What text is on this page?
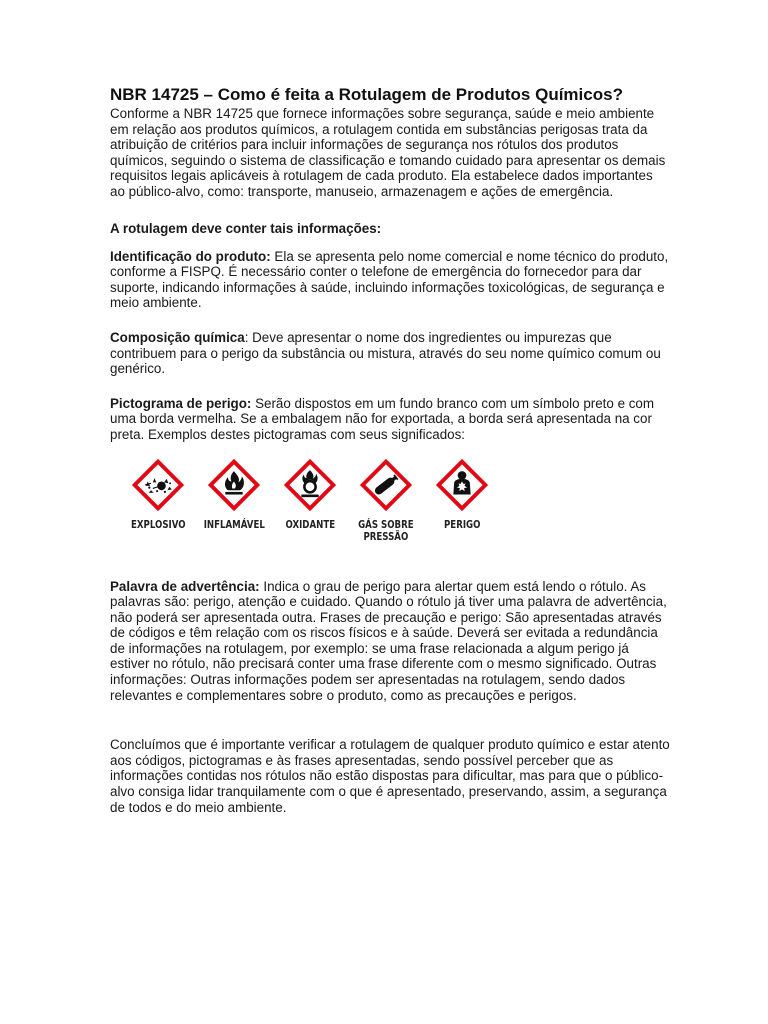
NBR 14725 – Como é feita a Rotulagem de Produtos Químicos?

Conforme a NBR 14725 que fornece informações sobre segurança, saúde e meio ambiente em relação aos produtos químicos, a rotulagem contida em substâncias perigosas trata da atribuição de critérios para incluir informações de segurança nos rótulos dos produtos químicos, seguindo o sistema de classificação e tomando cuidado para apresentar os demais requisitos legais aplicáveis à rotulagem de cada produto. Ela estabelece dados importantes ao público-alvo, como: transporte, manuseio, armazenagem e ações de emergência.

A rotulagem deve conter tais informações:

Identificação do produto: Ela se apresenta pelo nome comercial e nome técnico do produto, conforme a FISPQ. É necessário conter o telefone de emergência do fornecedor para dar suporte, indicando informações à saúde, incluindo informações toxicológicas, de segurança e meio ambiente.

Composição química: Deve apresentar o nome dos ingredientes ou impurezas que contribuem para o perigo da substância ou mistura, através do seu nome químico comum ou genérico.

Pictograma de perigo: Serão dispostos em um fundo branco com um símbolo preto e com uma borda vermelha. Se a embalagem não for exportada, a borda será apresentada na cor preta. Exemplos destes pictogramas com seus significados:

EXPLOSIVO INFLAMÁVEL OXIDANTE GÁS SOBRE
PRESSÃO
PERIGO

Palavra de advertência: Indica o grau de perigo para alertar quem está lendo o rótulo. As palavras são: perigo, atenção e cuidado. Quando o rótulo já tiver uma palavra de advertência, não poderá ser apresentada outra. Frases de precaução e perigo: São apresentadas através de códigos e têm relação com os riscos físicos e à saúde. Deverá ser evitada a redundância de informações na rotulagem, por exemplo: se uma frase relacionada a algum perigo já estiver no rótulo, não precisará conter uma frase diferente com o mesmo significado. Outras informações: Outras informações podem ser apresentadas na rotulagem, sendo dados relevantes e complementares sobre o produto, como as precauções e perigos.

Concluímos que é importante verificar a rotulagem de qualquer produto químico e estar atento aos códigos, pictogramas e às frases apresentadas, sendo possível perceber que as informações contidas nos rótulos não estão dispostas para dificultar, mas para que o público-alvo consiga lidar tranquilamente com o que é apresentado, preservando, assim, a segurança de todos e do meio ambiente.
